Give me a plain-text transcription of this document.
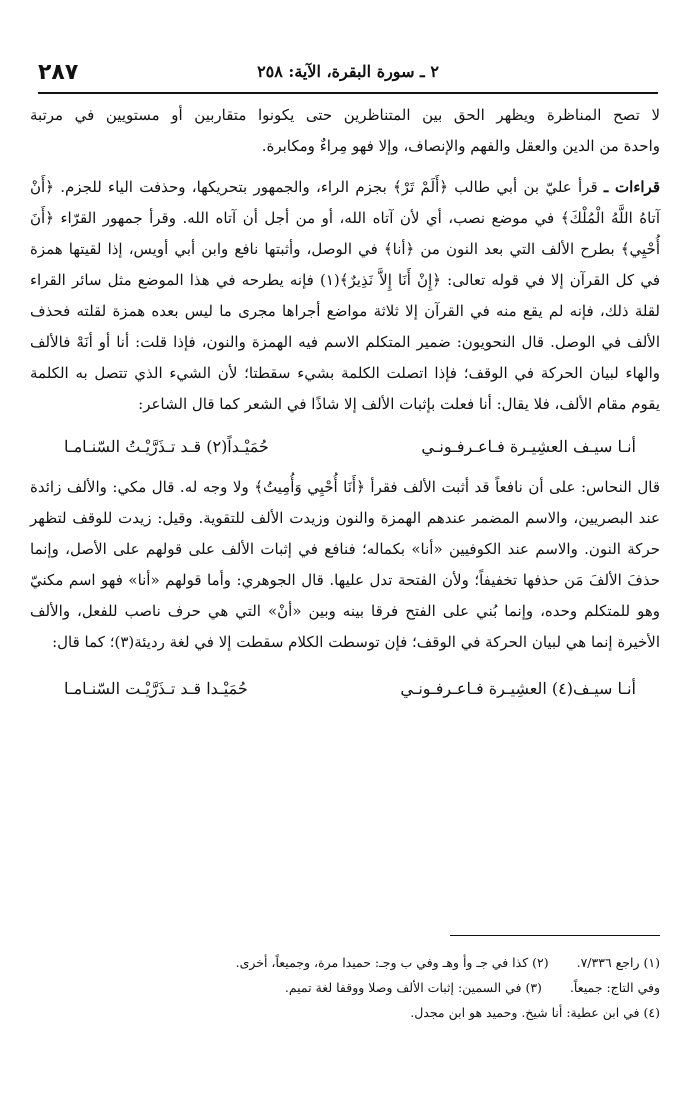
٢٨٧	٢ ـ سورة البقرة، الآية: ٢٥٨

لا تصح المناظرة ويظهر الحق بين المتناظرين حتى يكونوا متقاربين أو مستويين في مرتبة

واحدة من الدين والعقل والفهم والإنصاف، وإلا فهو مِراءٌ ومكابرة.

قراءات ـ قرأ عليّ بن أبي طالب ﴿أَلَمْ تَرْ﴾ بجزم الراء، والجمهور بتحريكها، وحذفت الياء للجزم. ﴿أَنْ آتاهُ اللَّهُ الْمُلْكَ﴾ في موضع نصب، أي لأن آتاه الله، أو من أجل أن آتاه الله. وقرأ جمهور القرّاء ﴿أَنَ أُحْيِي﴾ بطرح الألف التي بعد النون من ﴿أنا﴾ في الوصل، وأثبتها نافع وابن أبي أويس، إذا لقيتها همزة في كل القرآن إلا في قوله تعالى: ﴿إِنْ أَنَا إِلاَّ نَذِيرٌ﴾(١) فإنه يطرحه في هذا الموضع مثل سائر القراء لقلة ذلك، فإنه لم يقع منه في القرآن إلا ثلاثة مواضع أجراها مجرى ما ليس بعده همزة لقلته فحذف الألف في الوصل. قال النحويون: ضمير المتكلم الاسم فيه الهمزة والنون، فإذا قلت: أنا أو أنَهْ فالألف والهاء لبيان الحركة في الوقف؛ فإذا اتصلت الكلمة بشيء سقطتا؛ لأن الشيء الذي تتصل به الكلمة يقوم مقام الألف، فلا يقال: أنا فعلت بإثبات الألف إلا شاذًا في الشعر كما قال الشاعر:

أنـا سيـف العشِيـرة فـاعـرفـونـي
حُمَيْـداً(٢) قـد تـذَرَّيْـتُ السّنـامـا

قال النحاس: على أن نافعاً قد أثبت الألف فقرأ ﴿أَنَا أُحْيِي وَأُمِيتُ﴾ ولا وجه له. قال مكي: والألف زائدة عند البصريين، والاسم المضمر عندهم الهمزة والنون وزيدت الألف للتقوية. وقيل: زيدت للوقف لتظهر حركة النون. والاسم عند الكوفيين «أنا» بكماله؛ فنافع في إثبات الألف على قولهم على الأصل، وإنما حذفَ الألفَ مَن حذفها تخفيفاً؛ ولأن الفتحة تدل عليها. قال الجوهري: وأما قولهم «أنا» فهو اسم مكنيّ وهو للمتكلم وحده، وإنما بُني على الفتح فرقا بينه وبين «أنْ» التي هي حرف ناصب للفعل، والألف الأخيرة إنما هي لبيان الحركة في الوقف؛ فإن توسطت الكلام سقطت إلا في لغة رديئة(٣)؛ كما قال:

أنـا سيـف(٤) العشِيـرة فـاعـرفـونـي
حُمَيْـدا قـد تـذَرَّيْـت السّنـامـا
(١) راجع ٧/٣٣٦.
(٢) كذا في جـ وأ وهـ وفي ب وجـ: حميدا مرة، وجميعاً، أخرى.
وفي التاج: جميعاً.
(٣) في السمين: إثبات الألف وصلا ووقفا لغة تميم.
(٤) في ابن عطية: أنا شيخ. وحميد هو ابن مجدل.
